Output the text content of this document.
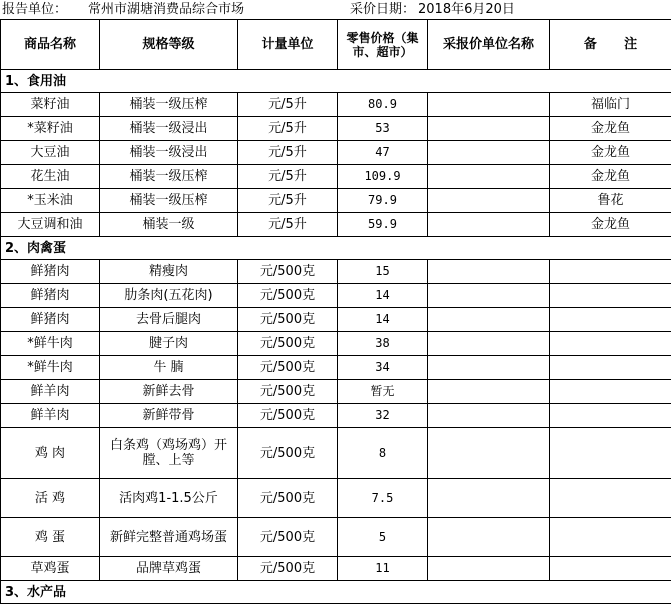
报告单位： 常州市湖塘消费品综合市场	采价日期： 2018年6月20日
商品名称	规格等级	计量单位	零售价格（集市、超市）	采报价单位名称	备      注
1、食用油					
菜籽油	桶装一级压榨	元/5升	80.9		福临门
*菜籽油	桶装一级浸出	元/5升	53		金龙鱼
大豆油	桶装一级浸出	元/5升	47		金龙鱼
花生油	桶装一级压榨	元/5升	109.9		金龙鱼
*玉米油	桶装一级压榨	元/5升	79.9		鲁花
大豆调和油	桶装一级	元/5升	59.9		金龙鱼
2、肉禽蛋					
鲜猪肉	精瘦肉	元/500克	15		
鲜猪肉	肋条肉(五花肉)	元/500克	14		
鲜猪肉	去骨后腿肉	元/500克	14		
*鲜牛肉	腱子肉	元/500克	38		
*鲜牛肉	牛 腩	元/500克	34		
鲜羊肉	新鲜去骨	元/500克	暂无		
鲜羊肉	新鲜带骨	元/500克	32		
鸡 肉	白条鸡（鸡场鸡）开膛、上等	元/500克	8		
活 鸡	活肉鸡1-1.5公斤	元/500克	7.5		
鸡 蛋	新鲜完整普通鸡场蛋	元/500克	5		
草鸡蛋	品牌草鸡蛋	元/500克	11		
3、水产品					
